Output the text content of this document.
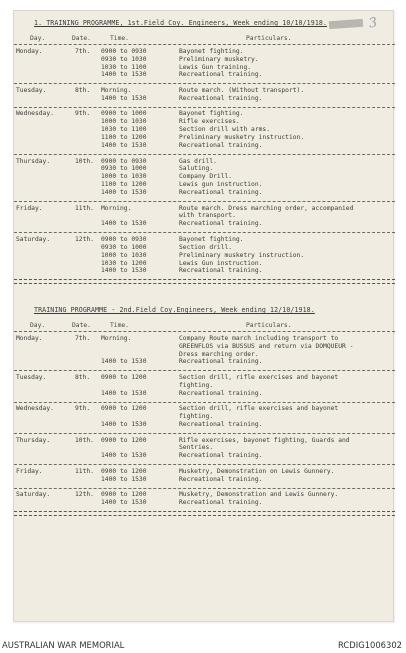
3
1. TRAINING PROGRAMME, 1st.Field Coy. Engineers, Week ending 10/10/1918.
Day.	Date.	Time.	Particulars.
Monday.	7th. 0900 to 0930	Bayonet fighting.
0930 to 1030	Preliminary musketry.
1030 to 1100	Lewis Gun training.
1400 to 1530	Recreational training.
Tuesday.	8th. Morning.	Route march. (Without transport).
1400 to 1530	Recreational training.
Wednesday.	9th. 0900 to 1000	Bayonet fighting.
1000 to 1030	Rifle exercises.
1030 to 1100	Section drill with arms.
1100 to 1200	Preliminary musketry instruction.
1400 to 1530	Recreational training.
Thursday.	10th. 0900 to 0930	Gas drill.
0930 to 1000	Saluting.
1000 to 1030	Company Drill.
1100 to 1200	Lewis gun instruction.
1400 to 1530	Recreational training.
Friday.	11th. Morning.	Route march. Dress marching order, accompanied
with transport.
1400 to 1530	Recreational training.
Saturday.	12th. 0900 to 0930	Bayonet fighting.
0930 to 1000	Section drill.
1000 to 1030	Preliminary musketry instruction.
1030 to 1200	Lewis Gun instruction.
1400 to 1530	Recreational training.
TRAINING PROGRAMME - 2nd.Field Coy.Engineers, Week ending 12/10/1918.
Day.	Date.	Time.	Particulars.
Monday.	7th. Morning.	Company Route march including transport to
GREENFLOS via BUSSUS and return via DOMQUEUR -
Dress marching order.
1400 to 1530	Recreational training.
Tuesday.	8th. 0900 to 1200	Section drill, rifle exercises and bayonet
fighting.
1400 to 1530	Recreational training.
Wednesday.	9th. 0900 to 1200	Section drill, rifle exercises and bayonet
fighting.
1400 to 1530	Recreational training.
Thursday.	10th. 0900 to 1200	Rifle exercises, bayonet fighting, Guards and
Sentries.
1400 to 1530	Recreational training.
Friday.	11th. 0900 to 1200	Musketry, Demonstration on Lewis Gunnery.
1400 to 1530	Recreational training.
Saturday.	12th. 0900 to 1200	Musketry, Demonstration and Lewis Gunnery.
1400 to 1530	Recreational training.
AUSTRALIAN WAR MEMORIAL	RCDIG1006302
